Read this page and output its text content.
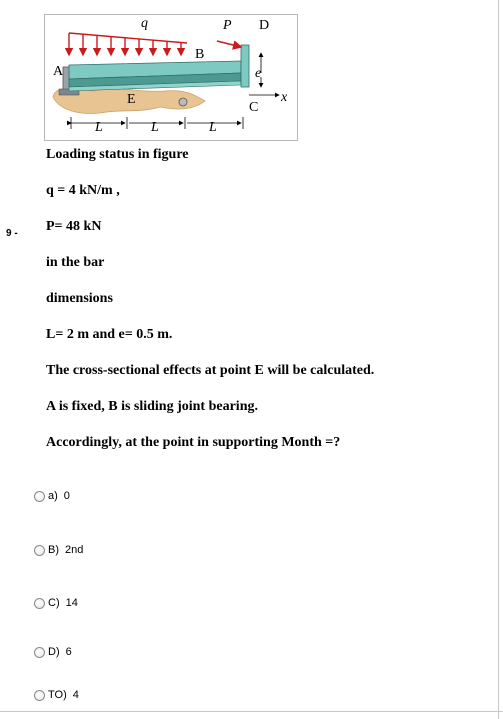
9 -
q	P D
A
B
E
C
e
x
L	L	L
Loading status in figure
q = 4 kN/m ,
P= 48 kN
in the bar
dimensions
L= 2 m and e= 0.5 m.
The cross-sectional effects at point E will be calculated.
A is fixed, B is sliding joint bearing.
Accordingly, at the point in supporting Month =?
a) 0
B) 2nd
C) 14
D) 6
TO) 4
